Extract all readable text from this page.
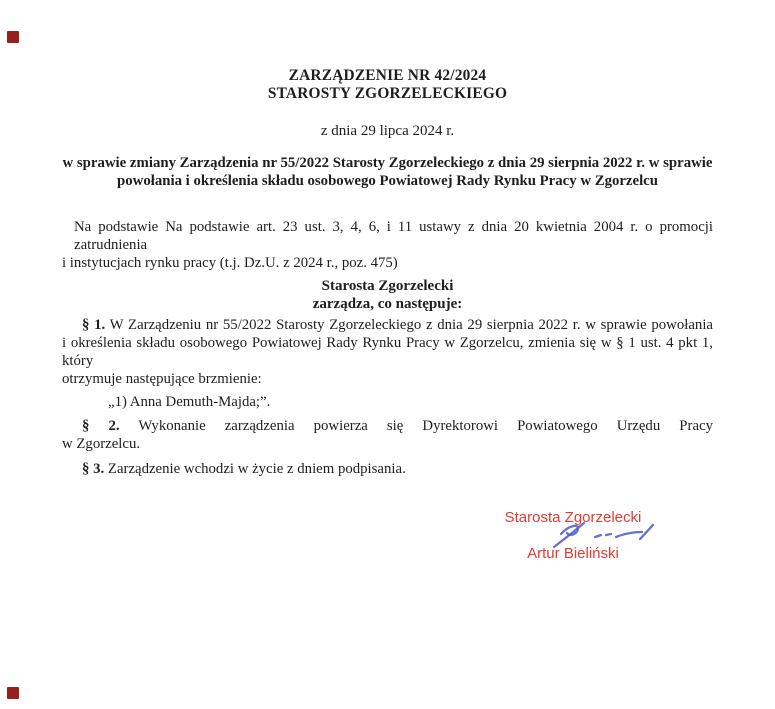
ZARZĄDZENIE NR 42/2024
STAROSTY ZGORZELECKIEGO
z dnia 29 lipca 2024 r.
w sprawie zmiany Zarządzenia nr 55/2022 Starosty Zgorzeleckiego z dnia 29 sierpnia 2022 r. w sprawie
powołania i określenia składu osobowego Powiatowej Rady Rynku Pracy w Zgorzelcu
Na podstawie Na podstawie art. 23 ust. 3, 4, 6, i 11 ustawy z dnia 20 kwietnia 2004 r. o promocji zatrudnienia
i instytucjach rynku pracy (t.j. Dz.U. z 2024 r., poz. 475)
Starosta Zgorzelecki
zarządza, co następuje:
§ 1. W Zarządzeniu nr 55/2022 Starosty Zgorzeleckiego z dnia 29 sierpnia 2022 r. w sprawie powołania
i określenia składu osobowego Powiatowej Rady Rynku Pracy w Zgorzelcu, zmienia się w § 1 ust. 4 pkt 1, który
otrzymuje następujące brzmienie:
„1) Anna Demuth-Majda;”.
§ 2. Wykonanie zarządzenia powierza się Dyrektorowi Powiatowego Urzędu Pracy
w Zgorzelcu.
§ 3. Zarządzenie wchodzi w życie z dniem podpisania.
Starosta Zgorzelecki
Artur Bieliński
